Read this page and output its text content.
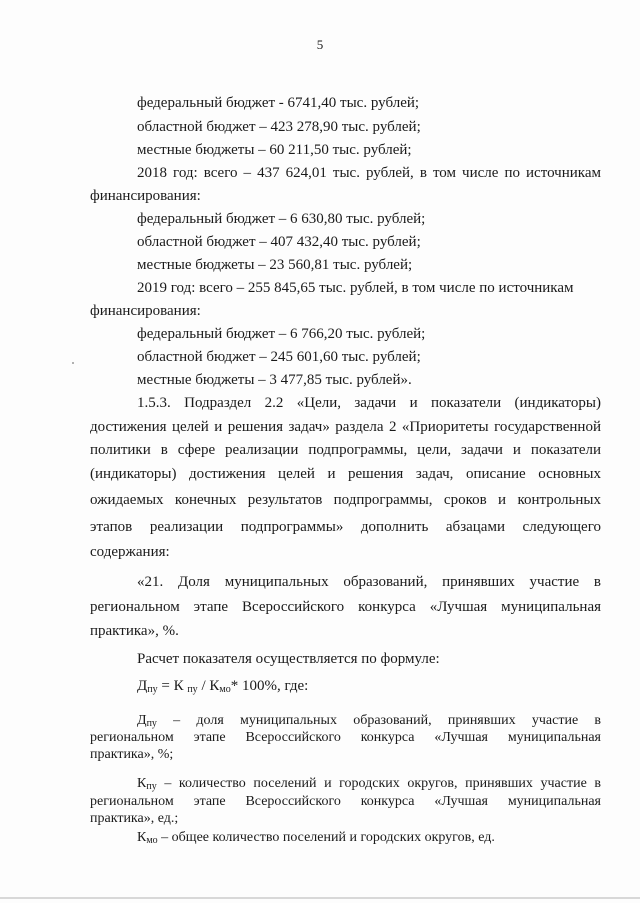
5
федеральный бюджет - 6741,40 тыс. рублей;
областной бюджет – 423 278,90 тыс. рублей;
местные бюджеты – 60 211,50 тыс. рублей;
2018 год: всего – 437 624,01 тыс. рублей, в том числе по источникам
финансирования:
федеральный бюджет – 6 630,80 тыс. рублей;
областной бюджет – 407 432,40 тыс. рублей;
местные бюджеты – 23 560,81 тыс. рублей;
2019 год: всего – 255 845,65 тыс. рублей, в том числе по источникам
финансирования:
федеральный бюджет – 6 766,20 тыс. рублей;
областной бюджет – 245 601,60 тыс. рублей;
местные бюджеты – 3 477,85 тыс. рублей».
1.5.3. Подраздел 2.2 «Цели, задачи и показатели (индикаторы)
достижения целей и решения задач» раздела 2 «Приоритеты государственной
политики в сфере реализации подпрограммы, цели, задачи и показатели
(индикаторы) достижения целей и решения задач, описание основных
ожидаемых конечных результатов подпрограммы, сроков и контрольных
этапов реализации подпрограммы» дополнить абзацами следующего
содержания:
«21. Доля муниципальных образований, принявших участие в
региональном этапе Всероссийского конкурса «Лучшая муниципальная
практика», %.
Расчет показателя осуществляется по формуле:
$Д_{пу} = К$ $_{пу} / К_{мо}*$ 100%, где:
$Д_{пу}$ – доля муниципальных образований, принявших участие в
региональном этапе Всероссийского конкурса «Лучшая муниципальная
практика», %;
$К_{пу}$ – количество поселений и городских округов, принявших участие в
региональном этапе Всероссийского конкурса «Лучшая муниципальная
практика», ед.;
$К_{мо}$ – общее количество поселений и городских округов, ед.
